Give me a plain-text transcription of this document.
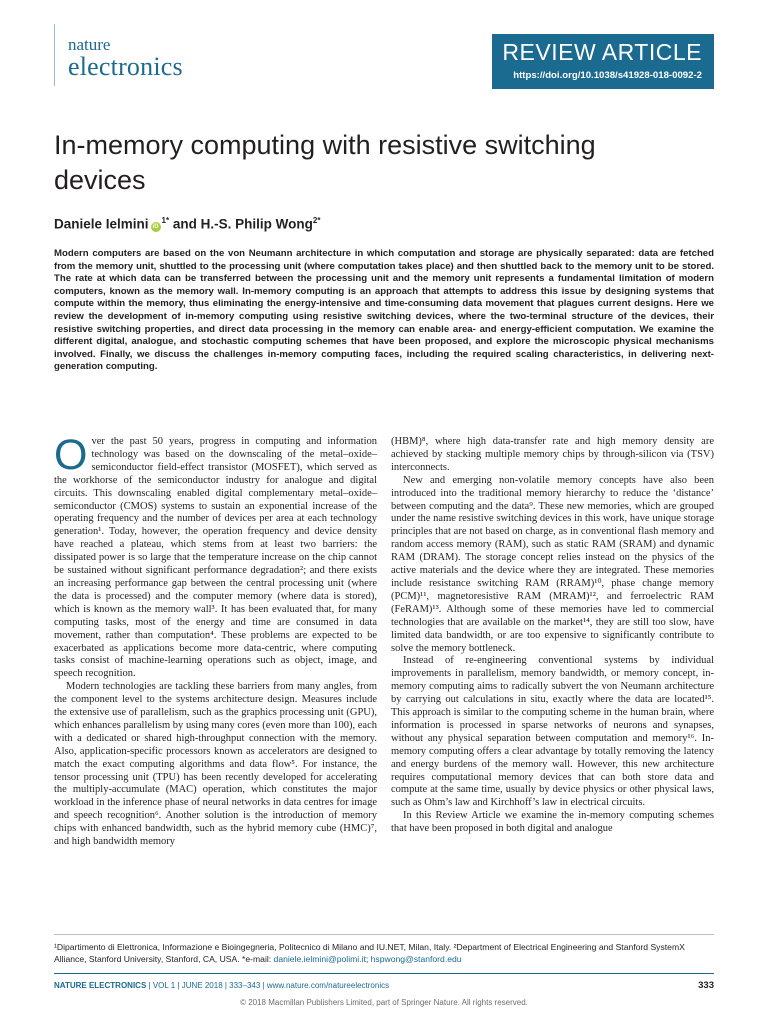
nature
electronics	REVIEW ARTICLE
https://doi.org/10.1038/s41928-018-0092-2
In-memory computing with resistive switching devices
Daniele Ielmini $iD^{1*}$ and H.-S. Philip Wong$^{2*}$

Modern computers are based on the von Neumann architecture in which computation and storage are physically separated: data are fetched from the memory unit, shuttled to the processing unit (where computation takes place) and then shuttled back to the memory unit to be stored. The rate at which data can be transferred between the processing unit and the memory unit represents a fundamental limitation of modern computers, known as the memory wall. In-memory computing is an approach that attempts to address this issue by designing systems that compute within the memory, thus eliminating the energy-intensive and time-consuming data movement that plagues current designs. Here we review the development of in-memory computing using resistive switching devices, where the two-terminal structure of the devices, their resistive switching properties, and direct data processing in the memory can enable area- and energy-efficient computation. We examine the different digital, analogue, and stochastic computing schemes that have been proposed, and explore the microscopic physical mechanisms involved. Finally, we discuss the challenges in-memory computing faces, including the required scaling characteristics, in delivering next-generation computing.

Over the past 50 years, progress in computing and information technology was based on the downscaling of the metal–oxide–semiconductor field-effect transistor (MOSFET), which served as the workhorse of the semiconductor industry for analogue and digital circuits. This downscaling enabled digital complementary metal–oxide–semiconductor (CMOS) systems to sustain an exponential increase of the operating frequency and the number of devices per area at each technology generation¹. Today, however, the operation frequency and device density have reached a plateau, which stems from at least two barriers: the dissipated power is so large that the temperature increase on the chip cannot be sustained without significant performance degradation²; and there exists an increasing performance gap between the central processing unit (where the data is processed) and the computer memory (where data is stored), which is known as the memory wall³. It has been evaluated that, for many computing tasks, most of the energy and time are consumed in data movement, rather than computation⁴. These problems are expected to be exacerbated as applications become more data-centric, where computing tasks consist of machine-learning operations such as object, image, and speech recognition.

Modern technologies are tackling these barriers from many angles, from the component level to the systems architecture design. Measures include the extensive use of parallelism, such as the graphics processing unit (GPU), which enhances parallelism by using many cores (even more than 100), each with a dedicated or shared high-throughput connection with the memory. Also, application-specific processors known as accelerators are designed to match the exact computing algorithms and data flow⁵. For instance, the tensor processing unit (TPU) has been recently developed for accelerating the multiply-accumulate (MAC) operation, which constitutes the major workload in the inference phase of neural networks in data centres for image and speech recognition⁶. Another solution is the introduction of memory chips with enhanced bandwidth, such as the hybrid memory cube (HMC)⁷, and high bandwidth memory

(HBM)⁸, where high data-transfer rate and high memory density are achieved by stacking multiple memory chips by through-silicon via (TSV) interconnects.

New and emerging non-volatile memory concepts have also been introduced into the traditional memory hierarchy to reduce the ‘distance’ between computing and the data⁹. These new memories, which are grouped under the name resistive switching devices in this work, have unique storage principles that are not based on charge, as in conventional flash memory and random access memory (RAM), such as static RAM (SRAM) and dynamic RAM (DRAM). The storage concept relies instead on the physics of the active materials and the device where they are integrated. These memories include resistance switching RAM (RRAM)¹⁰, phase change memory (PCM)¹¹, magnetoresistive RAM (MRAM)¹², and ferroelectric RAM (FeRAM)¹³. Although some of these memories have led to commercial technologies that are available on the market¹⁴, they are still too slow, have limited data bandwidth, or are too expensive to significantly contribute to solve the memory bottleneck.

Instead of re-engineering conventional systems by individual improvements in parallelism, memory bandwidth, or memory concept, in-memory computing aims to radically subvert the von Neumann architecture by carrying out calculations in situ, exactly where the data are located¹⁵. This approach is similar to the computing scheme in the human brain, where information is processed in sparse networks of neurons and synapses, without any physical separation between computation and memory¹⁶. In-memory computing offers a clear advantage by totally removing the latency and energy burdens of the memory wall. However, this new architecture requires computational memory devices that can both store data and compute at the same time, usually by device physics or other physical laws, such as Ohm’s law and Kirchhoff’s law in electrical circuits.

In this Review Article we examine the in-memory computing schemes that have been proposed in both digital and analogue

¹Dipartimento di Elettronica, Informazione e Bioingegneria, Politecnico di Milano and IU.NET, Milan, Italy. ²Department of Electrical Engineering and Stanford SystemX Alliance, Stanford University, Stanford, CA, USA. *e-mail: daniele.ielmini@polimi.it; hspwong@stanford.edu

NATURE ELECTRONICS | VOL 1 | JUNE 2018 | 333–343 | www.nature.com/natureelectronics	333
© 2018 Macmillan Publishers Limited, part of Springer Nature. All rights reserved.
